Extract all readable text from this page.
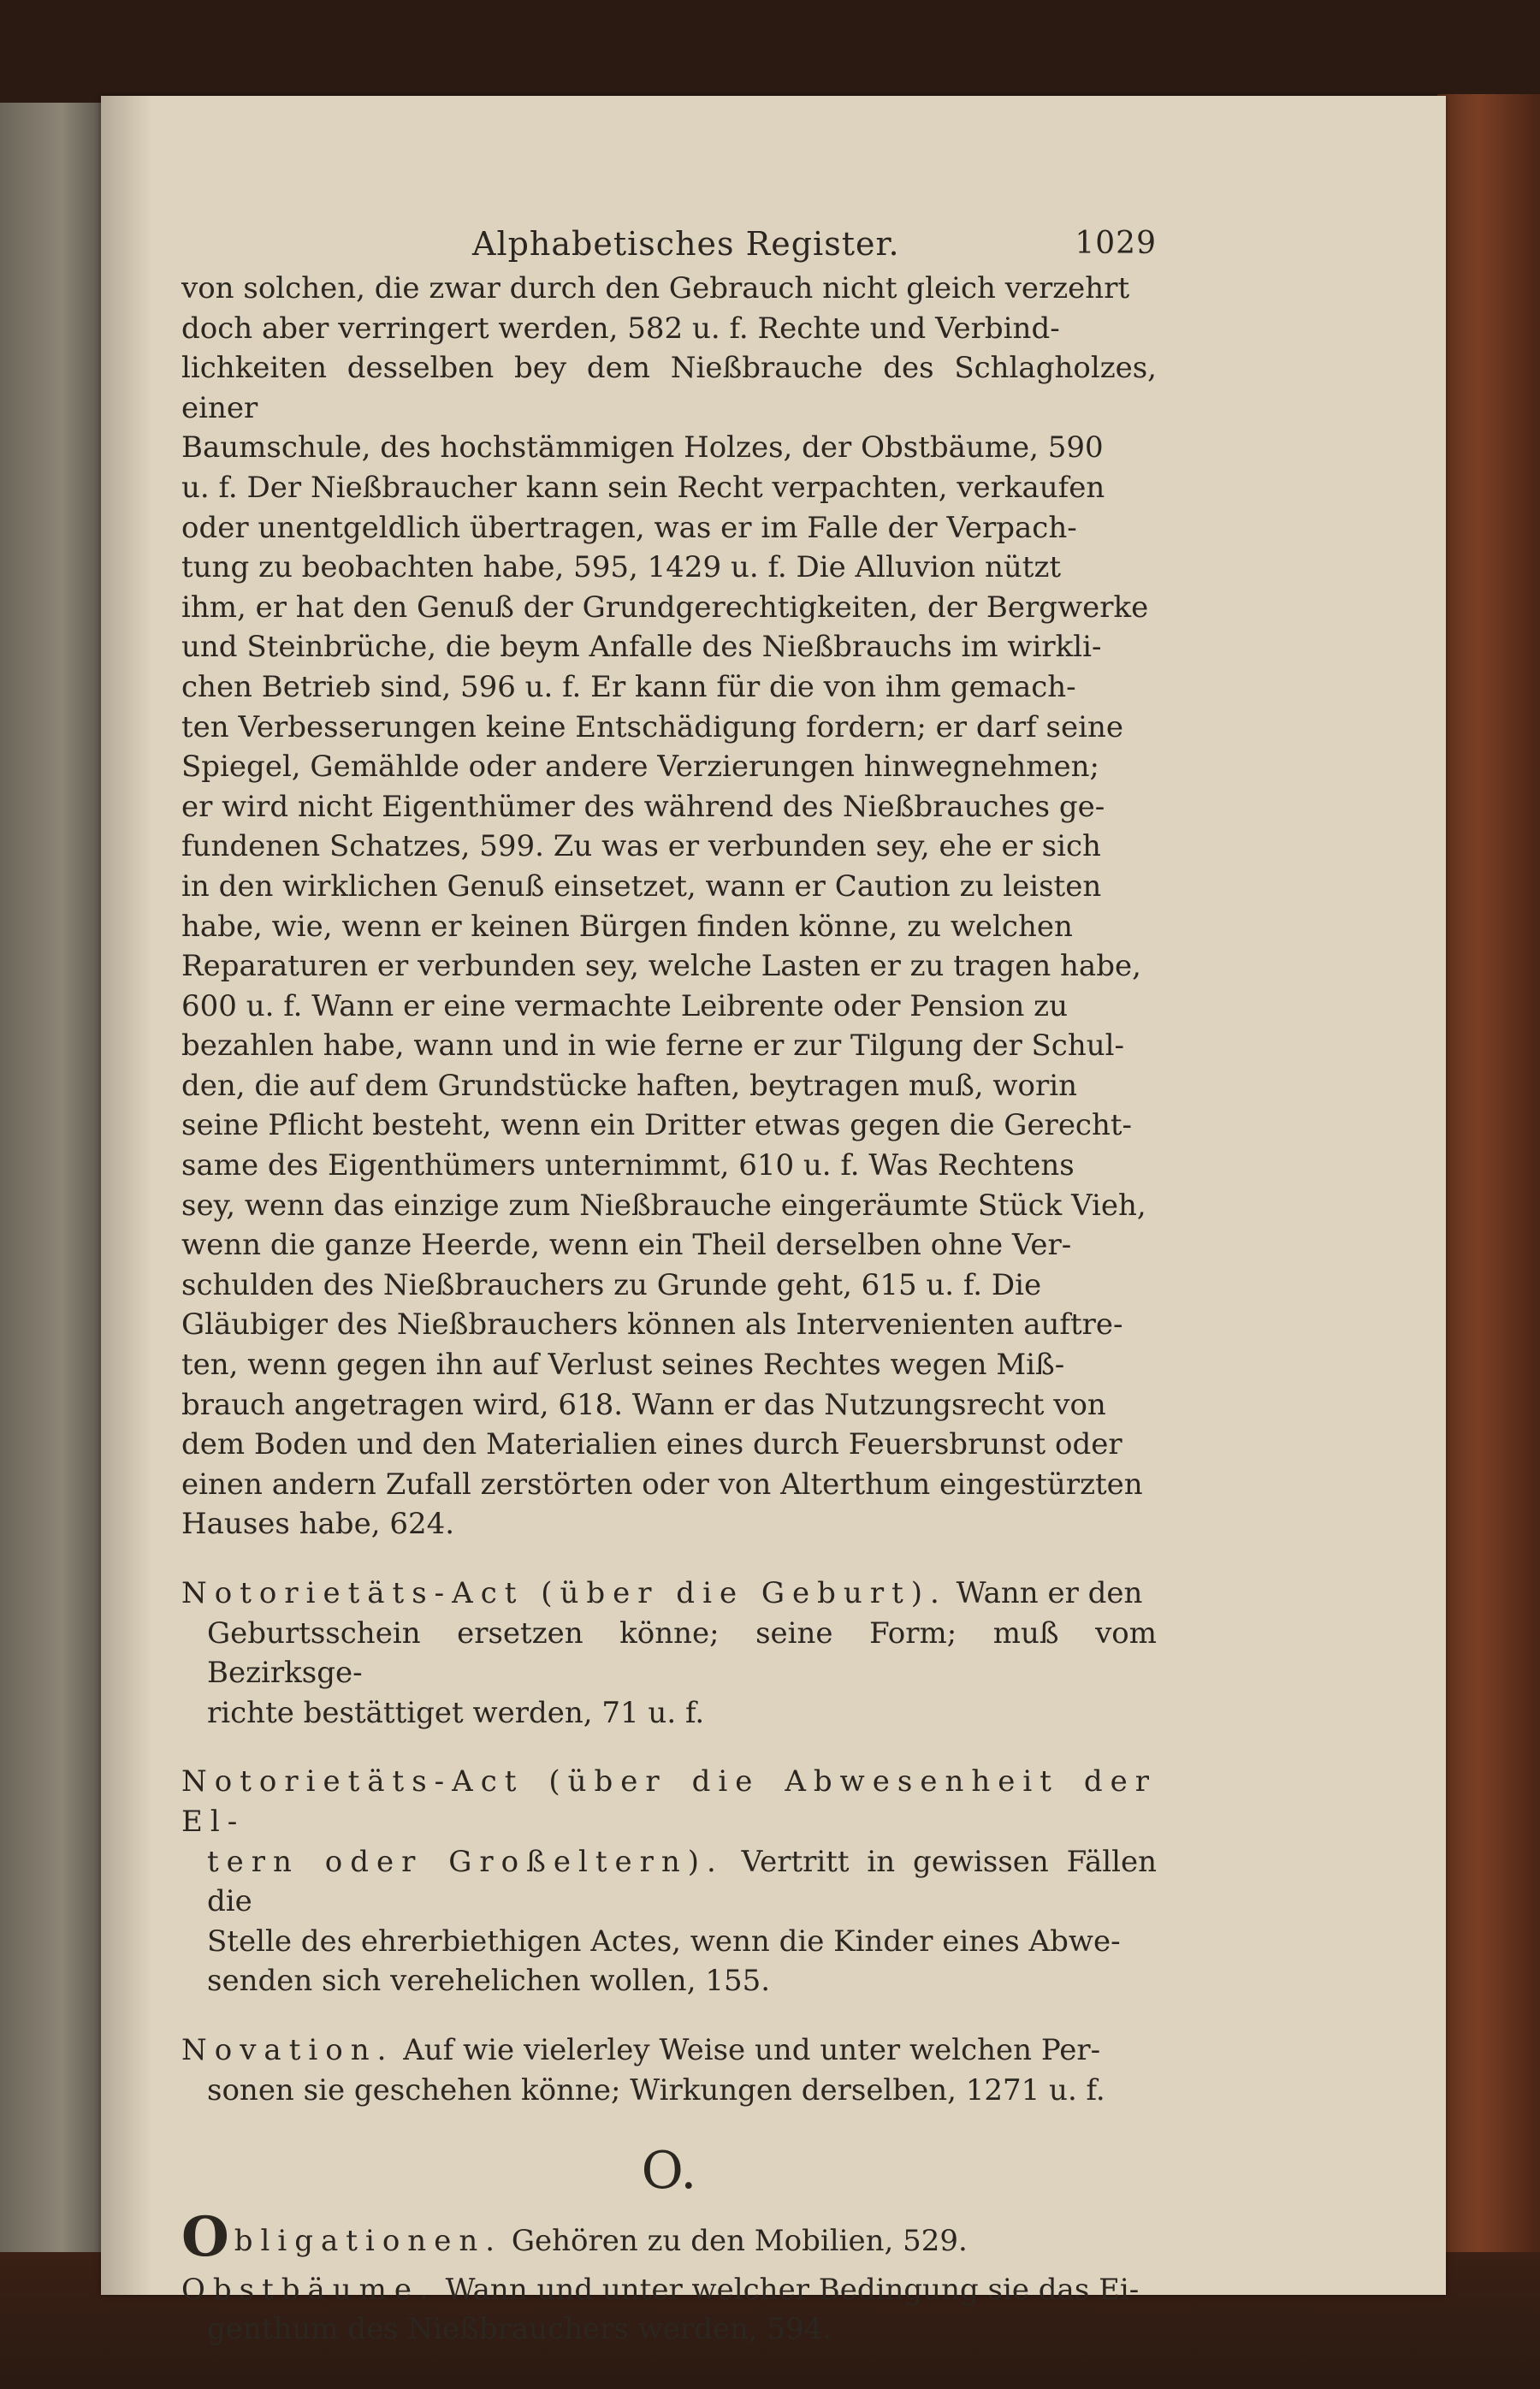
Alphabetisches Register.	1029
von solchen, die zwar durch den Gebrauch nicht gleich verzehrt
doch aber verringert werden, 582 u. f. Rechte und Verbind-
lichkeiten desselben bey dem Nießbrauche des Schlagholzes, einer
Baumschule, des hochstämmigen Holzes, der Obstbäume, 590
u. f. Der Nießbraucher kann sein Recht verpachten, verkaufen
oder unentgeldlich übertragen, was er im Falle der Verpach-
tung zu beobachten habe, 595, 1429 u. f. Die Alluvion nützt
ihm, er hat den Genuß der Grundgerechtigkeiten, der Bergwerke
und Steinbrüche, die beym Anfalle des Nießbrauchs im wirkli-
chen Betrieb sind, 596 u. f. Er kann für die von ihm gemach-
ten Verbesserungen keine Entschädigung fordern; er darf seine
Spiegel, Gemählde oder andere Verzierungen hinwegnehmen;
er wird nicht Eigenthümer des während des Nießbrauches ge-
fundenen Schatzes, 599. Zu was er verbunden sey, ehe er sich
in den wirklichen Genuß einsetzet, wann er Caution zu leisten
habe, wie, wenn er keinen Bürgen finden könne, zu welchen
Reparaturen er verbunden sey, welche Lasten er zu tragen habe,
600 u. f. Wann er eine vermachte Leibrente oder Pension zu
bezahlen habe, wann und in wie ferne er zur Tilgung der Schul-
den, die auf dem Grundstücke haften, beytragen muß, worin
seine Pflicht besteht, wenn ein Dritter etwas gegen die Gerecht-
same des Eigenthümers unternimmt, 610 u. f. Was Rechtens
sey, wenn das einzige zum Nießbrauche eingeräumte Stück Vieh,
wenn die ganze Heerde, wenn ein Theil derselben ohne Ver-
schulden des Nießbrauchers zu Grunde geht, 615 u. f. Die
Gläubiger des Nießbrauchers können als Intervenienten auftre-
ten, wenn gegen ihn auf Verlust seines Rechtes wegen Miß-
brauch angetragen wird, 618. Wann er das Nutzungsrecht von
dem Boden und den Materialien eines durch Feuersbrunst oder
einen andern Zufall zerstörten oder von Alterthum eingestürzten
Hauses habe, 624.
Notorietäts-Act (über die Geburt). Wann er den
Geburtsschein ersetzen könne; seine Form; muß vom Bezirksge-
richte bestättiget werden, 71 u. f.
Notorietäts-Act (über die Abwesenheit der El-
tern oder Großeltern). Vertritt in gewissen Fällen die
Stelle des ehrerbiethigen Actes, wenn die Kinder eines Abwe-
senden sich verehelichen wollen, 155.
Novation. Auf wie vielerley Weise und unter welchen Per-
sonen sie geschehen könne; Wirkungen derselben, 1271 u. f.
O.
Obligationen. Gehören zu den Mobilien, 529.
Obstbäume. Wann und unter welcher Bedingung sie das Ei-
genthum des Nießbrauchers werden, 594.
